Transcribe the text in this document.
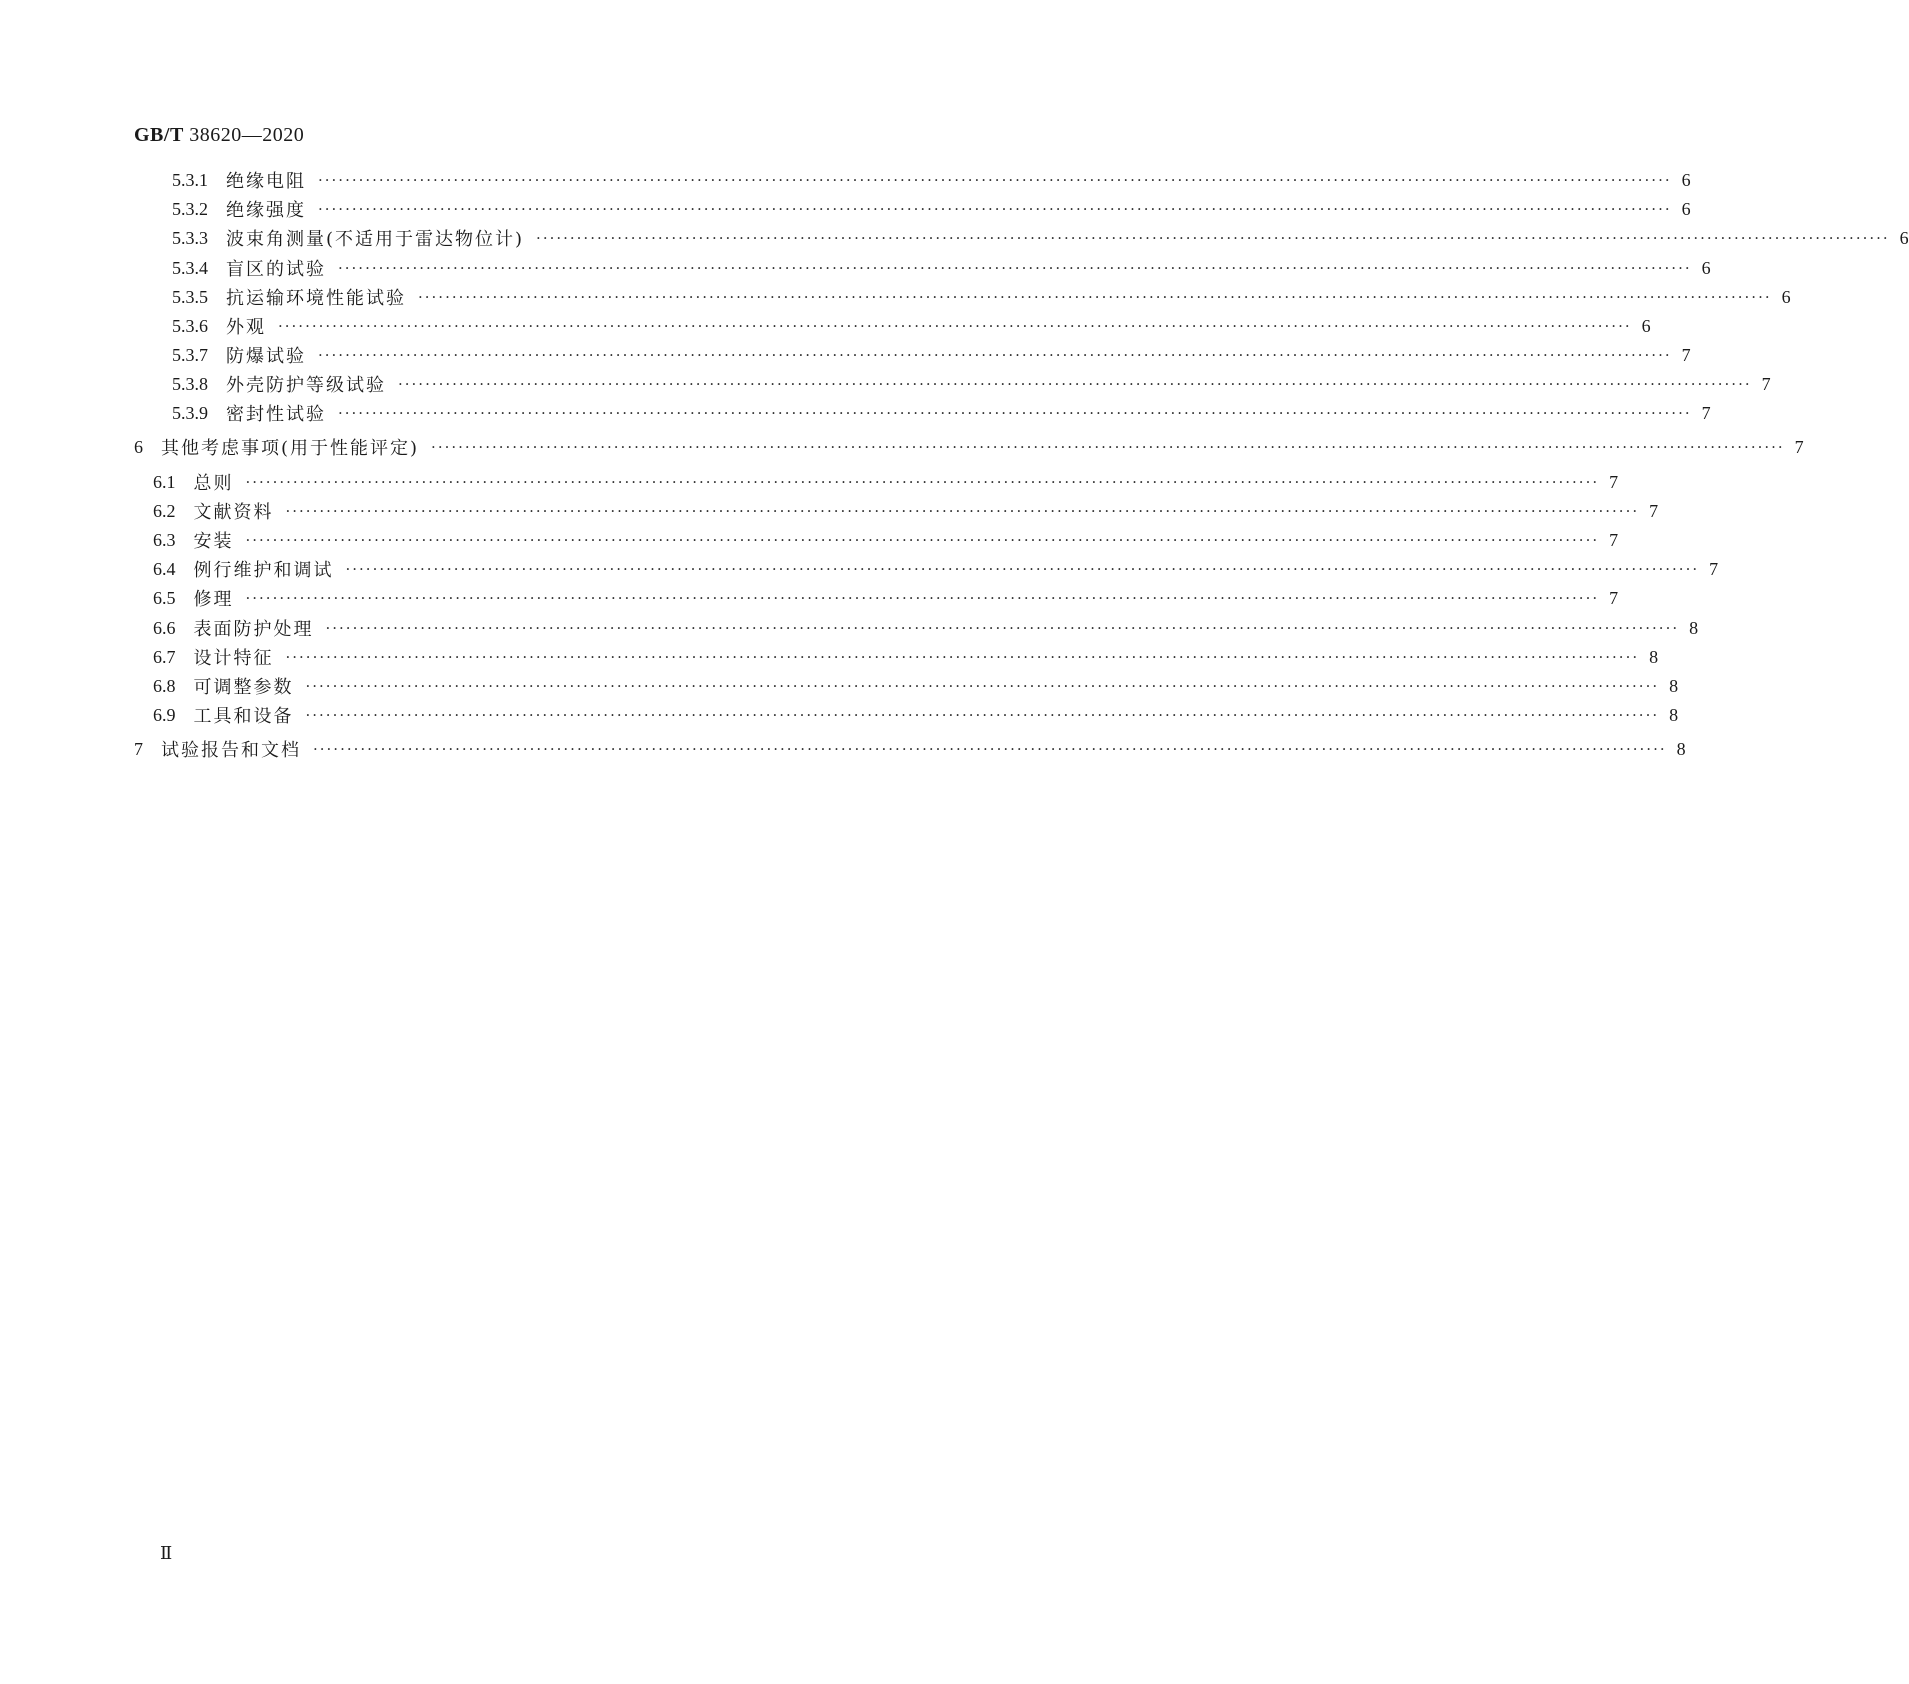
GB/T 38620—2020
5.3.1 绝缘电阻 ········································································································································································································ 6
5.3.2 绝缘强度 ········································································································································································································ 6
5.3.3 波束角测量(不适用于雷达物位计) ········································································································································································································ 6
5.3.4 盲区的试验 ········································································································································································································ 6
5.3.5 抗运输环境性能试验 ········································································································································································································ 6
5.3.6 外观 ········································································································································································································ 6
5.3.7 防爆试验 ········································································································································································································ 7
5.3.8 外壳防护等级试验 ········································································································································································································ 7
5.3.9 密封性试验 ········································································································································································································ 7
6 其他考虑事项(用于性能评定) ········································································································································································································ 7
6.1 总则 ········································································································································································································ 7
6.2 文献资料 ········································································································································································································ 7
6.3 安装 ········································································································································································································ 7
6.4 例行维护和调试 ········································································································································································································ 7
6.5 修理 ········································································································································································································ 7
6.6 表面防护处理 ········································································································································································································ 8
6.7 设计特征 ········································································································································································································ 8
6.8 可调整参数 ········································································································································································································ 8
6.9 工具和设备 ········································································································································································································ 8
7 试验报告和文档 ········································································································································································································ 8
Ⅱ
